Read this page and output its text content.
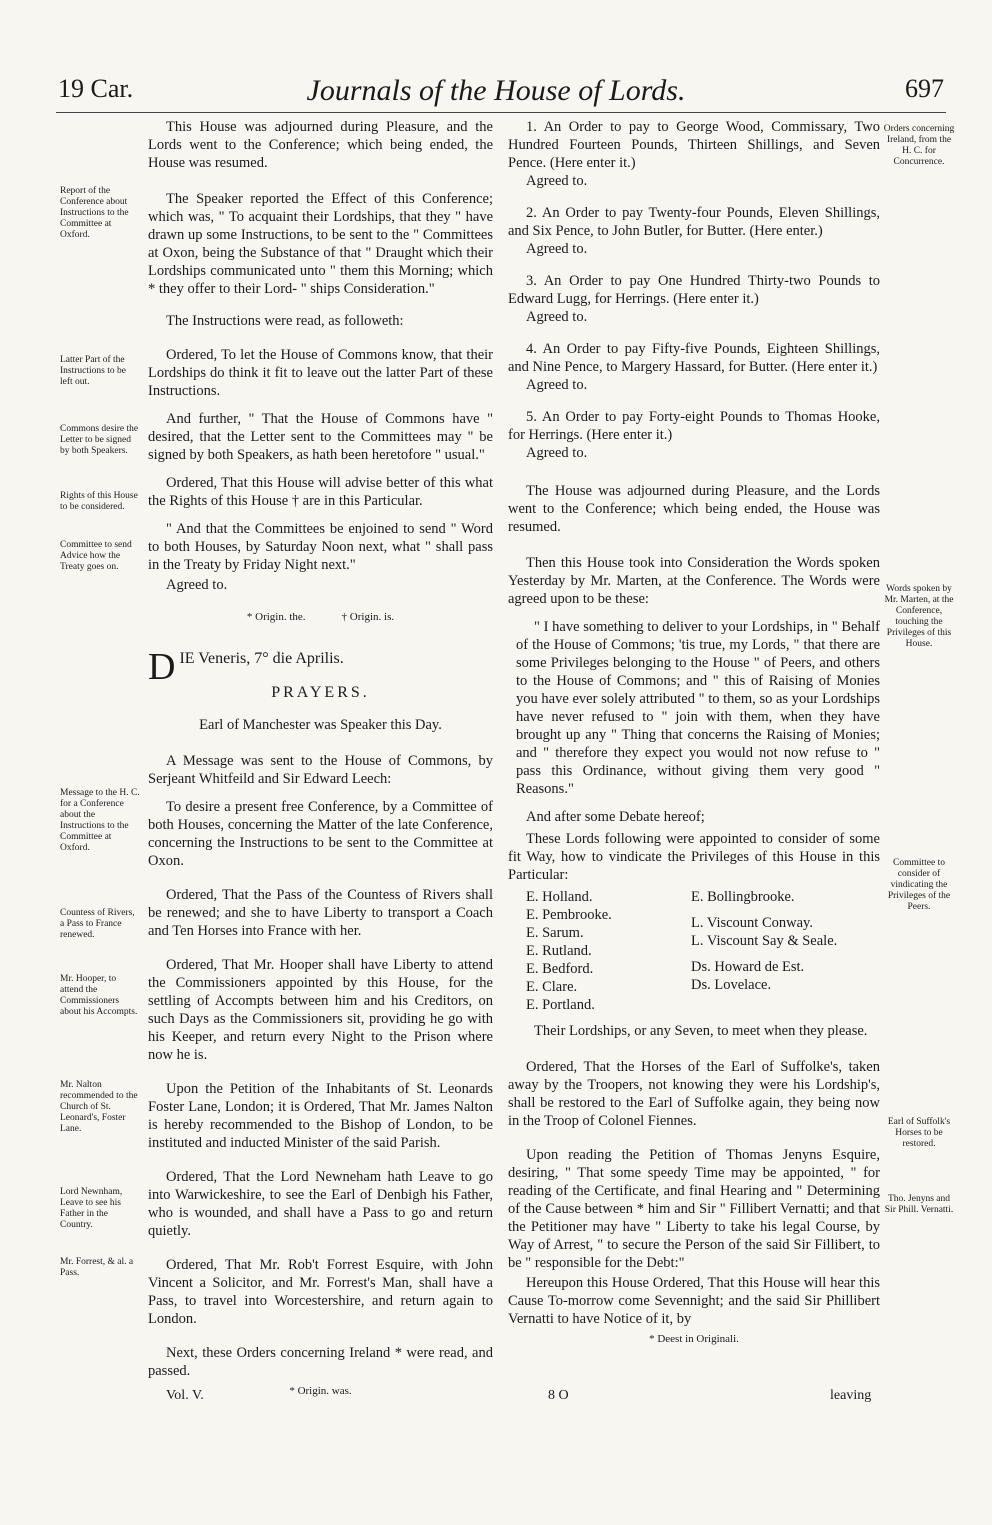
19 Car.	Journals of the House of Lords.	697
Report of the Conference about Instructions to the Committee at Oxford.
Latter Part of the Instructions to be left out.
Commons desire the Letter to be signed by both Speakers.
Rights of this House to be considered.
Committee to send Advice how the Treaty goes on.
Message to the H. C. for a Conference about the Instructions to the Committee at Oxford.
Countess of Rivers, a Pass to France renewed.
Mr. Hooper, to attend the Commissioners about his Accompts.
Mr. Nalton recommended to the Church of St. Leonard's, Foster Lane.
Lord Newnham, Leave to see his Father in the Country.
Mr. Forrest, & al. a Pass.

This House was adjourned during Pleasure, and the Lords went to the Conference; which being ended, the House was resumed.

The Speaker reported the Effect of this Conference; which was, " To acquaint their Lordships, that they " have drawn up some Instructions, to be sent to the " Committees at Oxon, being the Substance of that " Draught which their Lordships communicated unto " them this Morning; which * they offer to their Lord- " ships Consideration."

The Instructions were read, as followeth:

Ordered, To let the House of Commons know, that their Lordships do think it fit to leave out the latter Part of these Instructions.

And further, " That the House of Commons have " desired, that the Letter sent to the Committees may " be signed by both Speakers, as hath been heretofore " usual."

Ordered, That this House will advise better of this what the Rights of this House † are in this Particular.

" And that the Committees be enjoined to send " Word to both Houses, by Saturday Noon next, what " shall pass in the Treaty by Friday Night next."

Agreed to.

* Origin. the.	† Origin. is.
DIE Veneris, 7° die Aprilis.
PRAYERS.

Earl of Manchester was Speaker this Day.

A Message was sent to the House of Commons, by Serjeant Whitfeild and Sir Edward Leech:

To desire a present free Conference, by a Committee of both Houses, concerning the Matter of the late Conference, concerning the Instructions to be sent to the Committee at Oxon.

Ordered, That the Pass of the Countess of Rivers shall be renewed; and she to have Liberty to transport a Coach and Ten Horses into France with her.

Ordered, That Mr. Hooper shall have Liberty to attend the Commissioners appointed by this House, for the settling of Accompts between him and his Creditors, on such Days as the Commissioners sit, providing he go with his Keeper, and return every Night to the Prison where now he is.

Upon the Petition of the Inhabitants of St. Leonards Foster Lane, London; it is Ordered, That Mr. James Nalton is hereby recommended to the Bishop of London, to be instituted and inducted Minister of the said Parish.

Ordered, That the Lord Newneham hath Leave to go into Warwickeshire, to see the Earl of Denbigh his Father, who is wounded, and shall have a Pass to go and return quietly.

Ordered, That Mr. Rob't Forrest Esquire, with John Vincent a Solicitor, and Mr. Forrest's Man, shall have a Pass, to travel into Worcestershire, and return again to London.

Next, these Orders concerning Ireland * were read, and passed.

* Origin. was.

1. An Order to pay to George Wood, Commissary, Two Hundred Fourteen Pounds, Thirteen Shillings, and Seven Pence. (Here enter it.)

Agreed to.

2. An Order to pay Twenty-four Pounds, Eleven Shillings, and Six Pence, to John Butler, for Butter. (Here enter.)

Agreed to.

3. An Order to pay One Hundred Thirty-two Pounds to Edward Lugg, for Herrings. (Here enter it.)

Agreed to.

4. An Order to pay Fifty-five Pounds, Eighteen Shillings, and Nine Pence, to Margery Hassard, for Butter. (Here enter it.)

Agreed to.

5. An Order to pay Forty-eight Pounds to Thomas Hooke, for Herrings. (Here enter it.)

Agreed to.

The House was adjourned during Pleasure, and the Lords went to the Conference; which being ended, the House was resumed.

Then this House took into Consideration the Words spoken Yesterday by Mr. Marten, at the Conference. The Words were agreed upon to be these:

" I have something to deliver to your Lordships, in " Behalf of the House of Commons; 'tis true, my Lords, " that there are some Privileges belonging to the House " of Peers, and others to the House of Commons; and " this of Raising of Monies you have ever solely attributed " to them, so as your Lordships have never refused to " join with them, when they have brought up any " Thing that concerns the Raising of Monies; and " therefore they expect you would not now refuse to " pass this Ordinance, without giving them very good " Reasons."

And after some Debate hereof;

These Lords following were appointed to consider of some fit Way, how to vindicate the Privileges of this House in this Particular:

E. Holland.
E. Pembrooke.
E. Sarum.
E. Rutland.
E. Bedford.
E. Clare.
E. Portland.
E. Bollingbrooke.
L. Viscount Conway.
L. Viscount Say & Seale.
Ds. Howard de Est.
Ds. Lovelace.

Their Lordships, or any Seven, to meet when they please.

Ordered, That the Horses of the Earl of Suffolke's, taken away by the Troopers, not knowing they were his Lordship's, shall be restored to the Earl of Suffolke again, they being now in the Troop of Colonel Fiennes.

Upon reading the Petition of Thomas Jenyns Esquire, desiring, " That some speedy Time may be appointed, " for reading of the Certificate, and final Hearing and " Determining of the Cause between * him and Sir " Fillibert Vernatti; and that the Petitioner may have " Liberty to take his legal Course, by Way of Arrest, " to secure the Person of the said Sir Fillibert, to be " responsible for the Debt:"

Hereupon this House Ordered, That this House will hear this Cause To-morrow come Sevennight; and the said Sir Phillibert Vernatti to have Notice of it, by

* Deest in Originali.
Orders concerning Ireland, from the H. C. for Concurrence.
Words spoken by Mr. Marten, at the Conference, touching the Privileges of this House.
Committee to consider of vindicating the Privileges of the Peers.
Earl of Suffolk's Horses to be restored.
Tho. Jenyns and Sir Phill. Vernatti.
Vol. V.	8 O	leaving
